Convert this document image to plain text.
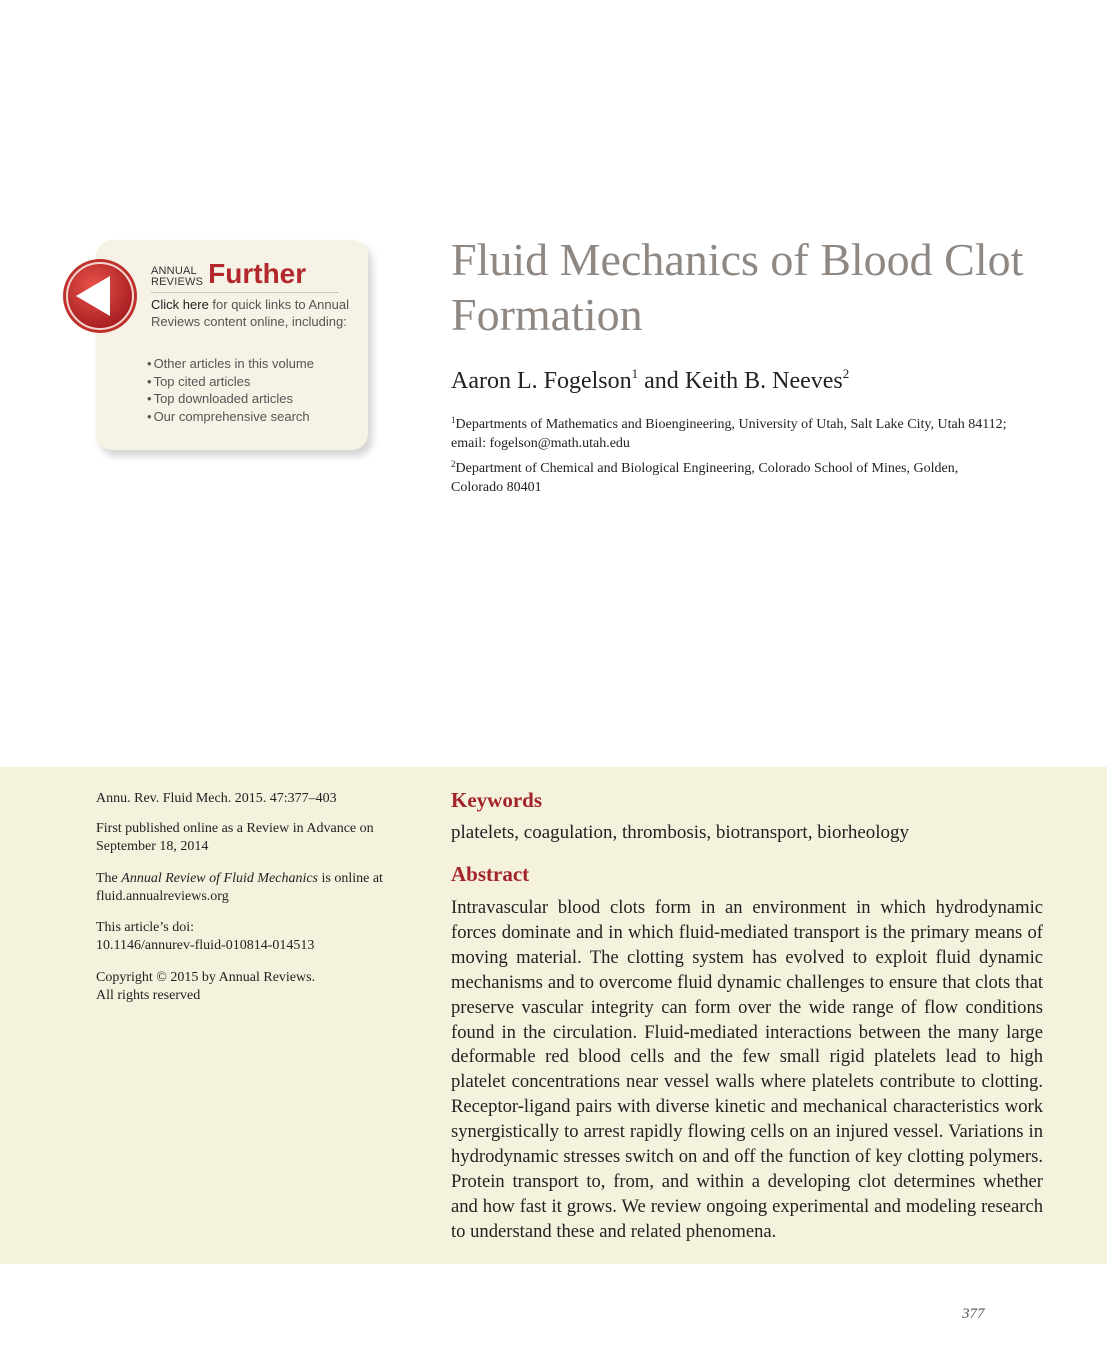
ANNUAL
REVIEWS Further
Click here for quick links to Annual Reviews content online, including:
• Other articles in this volume
• Top cited articles
• Top downloaded articles
• Our comprehensive search
Fluid Mechanics of Blood Clot Formation
Aaron L. Fogelson$^1$ and Keith B. Neeves$^2$

$^1$Departments of Mathematics and Bioengineering, University of Utah, Salt Lake City, Utah 84112; email: fogelson@math.utah.edu

$^2$Department of Chemical and Biological Engineering, Colorado School of Mines, Golden, Colorado 80401

Annu. Rev. Fluid Mech. 2015. 47:377–403

First published online as a Review in Advance on September 18, 2014

The Annual Review of Fluid Mechanics is online at fluid.annualreviews.org

This article’s doi:
10.1146/annurev-fluid-010814-014513

Copyright © 2015 by Annual Reviews.
All rights reserved

Keywords

platelets, coagulation, thrombosis, biotransport, biorheology

Abstract

Intravascular blood clots form in an environment in which hydrodynamic forces dominate and in which fluid-mediated transport is the primary means of moving material. The clotting system has evolved to exploit fluid dynamic mechanisms and to overcome fluid dynamic challenges to ensure that clots that preserve vascular integrity can form over the wide range of flow conditions found in the circulation. Fluid-mediated interactions between the many large deformable red blood cells and the few small rigid platelets lead to high platelet concentrations near vessel walls where platelets contribute to clotting. Receptor-ligand pairs with diverse kinetic and mechanical characteristics work synergistically to arrest rapidly flowing cells on an injured vessel. Variations in hydrodynamic stresses switch on and off the function of key clotting polymers. Protein transport to, from, and within a developing clot determines whether and how fast it grows. We review ongoing experimental and modeling research to understand these and related phenomena.

377
